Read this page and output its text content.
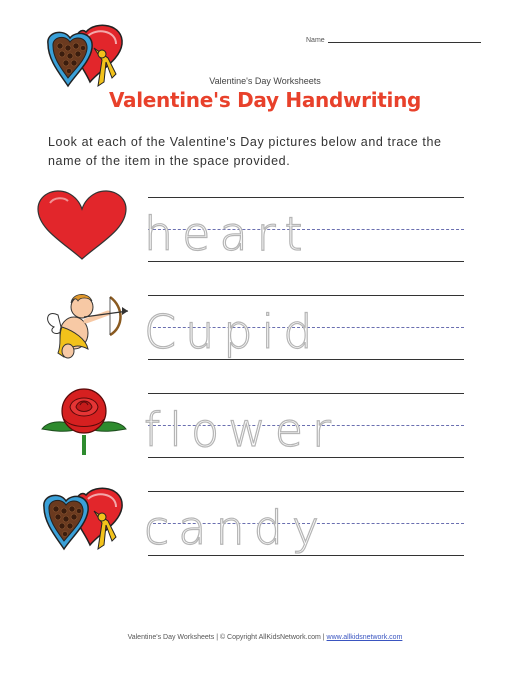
Name
Valentine's Day Worksheets
Valentine's Day Handwriting
Look at each of the Valentine's Day pictures below and trace the name of the item in the space provided.
heart
Cupid
flower
candy
Valentine's Day Worksheets | © Copyright AllKidsNetwork.com | www.allkidsnetwork.com
